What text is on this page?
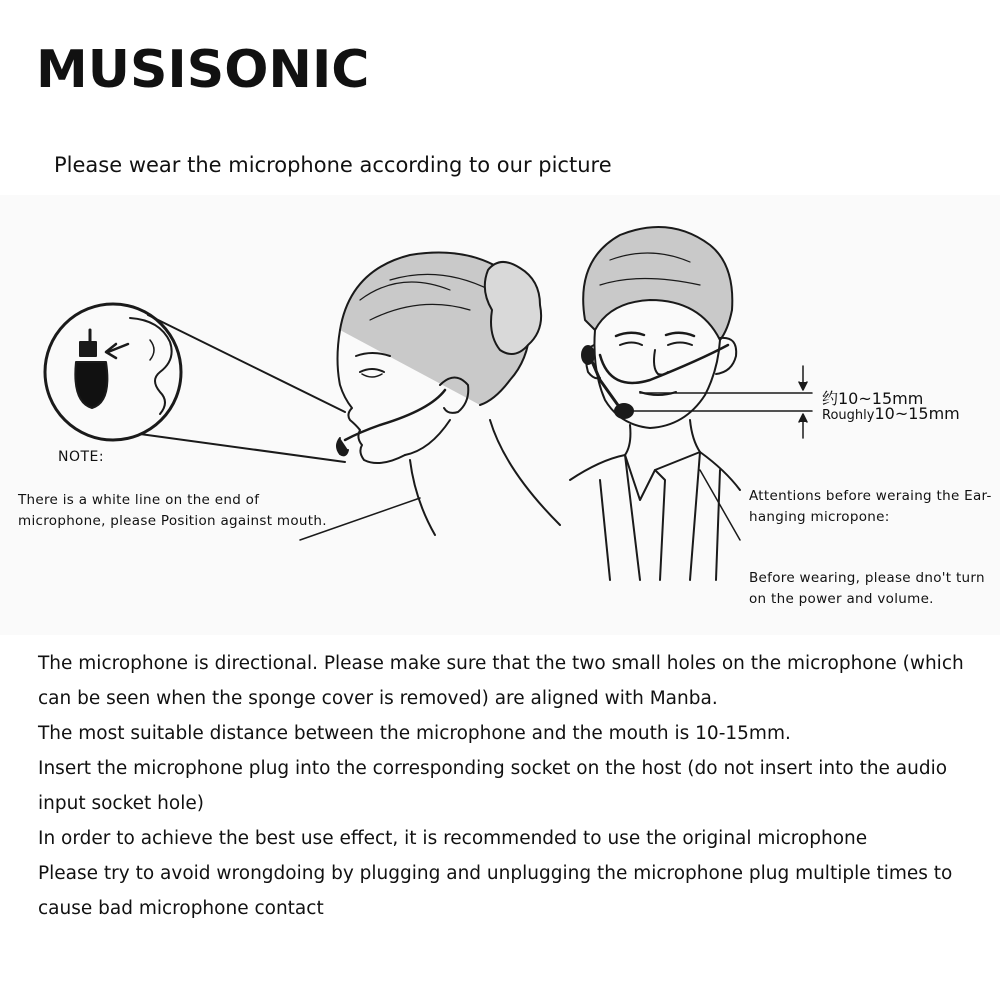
MUSISONIC
Please wear the microphone according to our picture
NOTE:
There is a white line on the end of microphone, please Position against mouth.
约10~15mm
Roughly10~15mm
Attentions before weraing the Ear-hanging micropone:
Before wearing, please dno't turn on the power and volume.

The microphone is directional. Please make sure that the two small holes on the microphone (which can be seen when the sponge cover is removed) are aligned with Manba.

The most suitable distance between the microphone and the mouth is 10-15mm.

Insert the microphone plug into the corresponding socket on the host (do not insert into the audio input socket hole)

In order to achieve the best use effect, it is recommended to use the original microphone

Please try to avoid wrongdoing by plugging and unplugging the microphone plug multiple times to cause bad microphone contact
